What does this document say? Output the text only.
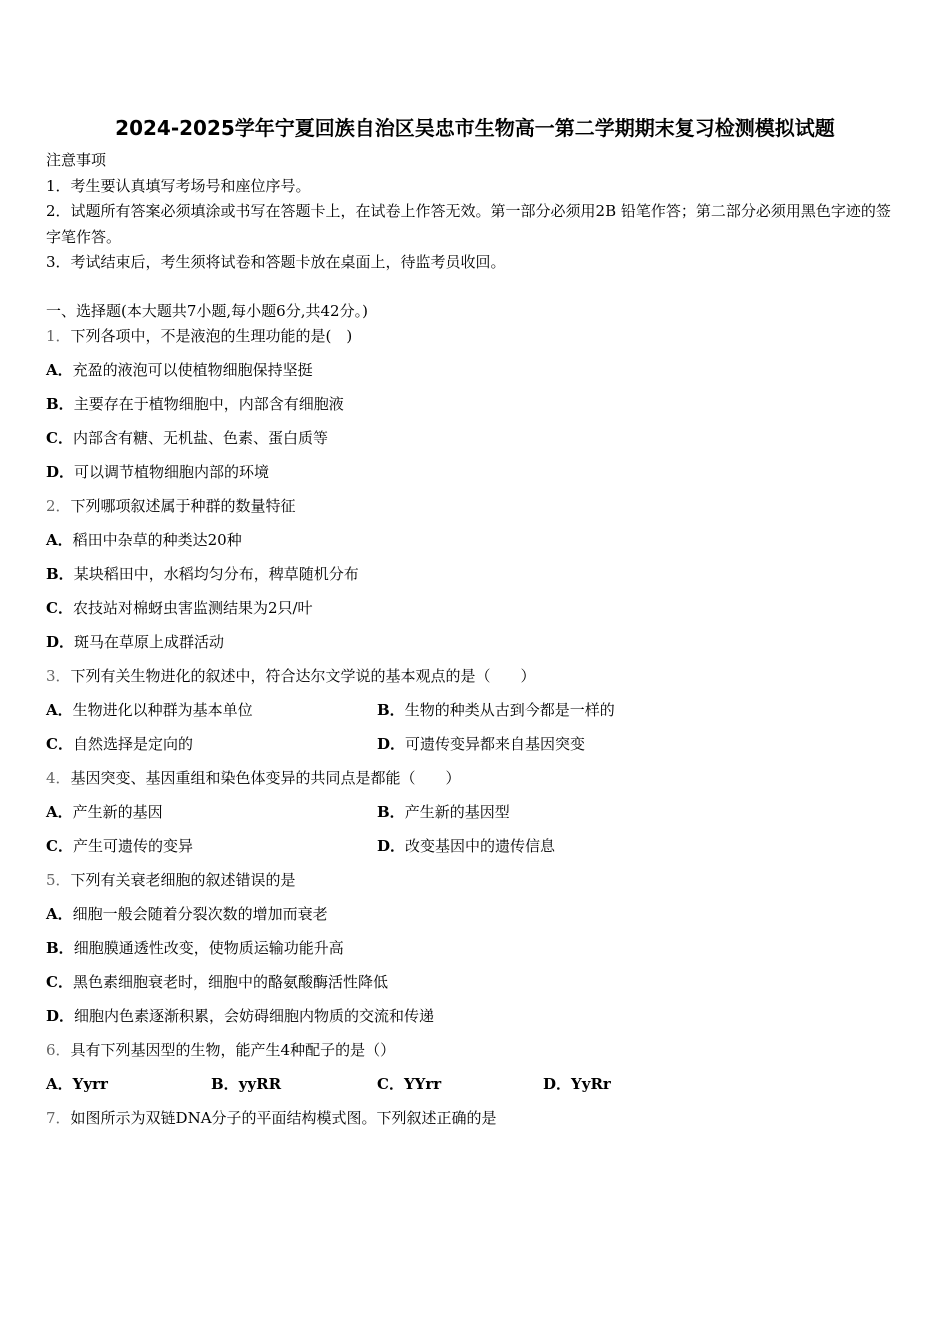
2024-2025学年宁夏回族自治区吴忠市生物高一第二学期期末复习检测模拟试题
注意事项
1．考生要认真填写考场号和座位序号。
2．试题所有答案必须填涂或书写在答题卡上，在试卷上作答无效。第一部分必须用2B 铅笔作答；第二部分必须用黑色字迹的签字笔作答。
3．考试结束后，考生须将试卷和答题卡放在桌面上，待监考员收回。
一、选择题(本大题共7小题,每小题6分,共42分。)
1．下列各项中，不是液泡的生理功能的是(　)
A．充盈的液泡可以使植物细胞保持坚挺
B．主要存在于植物细胞中，内部含有细胞液
C．内部含有糖、无机盐、色素、蛋白质等
D．可以调节植物细胞内部的环境
2．下列哪项叙述属于种群的数量特征
A．稻田中杂草的种类达20种
B．某块稻田中，水稻均匀分布，稗草随机分布
C．农技站对棉蚜虫害监测结果为2只/叶
D．斑马在草原上成群活动
3．下列有关生物进化的叙述中，符合达尔文学说的基本观点的是（　　）
A．生物进化以种群为基本单位	B．生物的种类从古到今都是一样的
C．自然选择是定向的	D．可遗传变异都来自基因突变
4．基因突变、基因重组和染色体变异的共同点是都能（　　）
A．产生新的基因	B．产生新的基因型
C．产生可遗传的变异	D．改变基因中的遗传信息
5．下列有关衰老细胞的叙述错误的是
A．细胞一般会随着分裂次数的增加而衰老
B．细胞膜通透性改变，使物质运输功能升高
C．黑色素细胞衰老时，细胞中的酪氨酸酶活性降低
D．细胞内色素逐渐积累，会妨碍细胞内物质的交流和传递
6．具有下列基因型的生物，能产生4种配子的是（）
A．Yyrr	B．yyRR	C．YYrr	D．YyRr
7．如图所示为双链DNA分子的平面结构模式图。下列叙述正确的是
